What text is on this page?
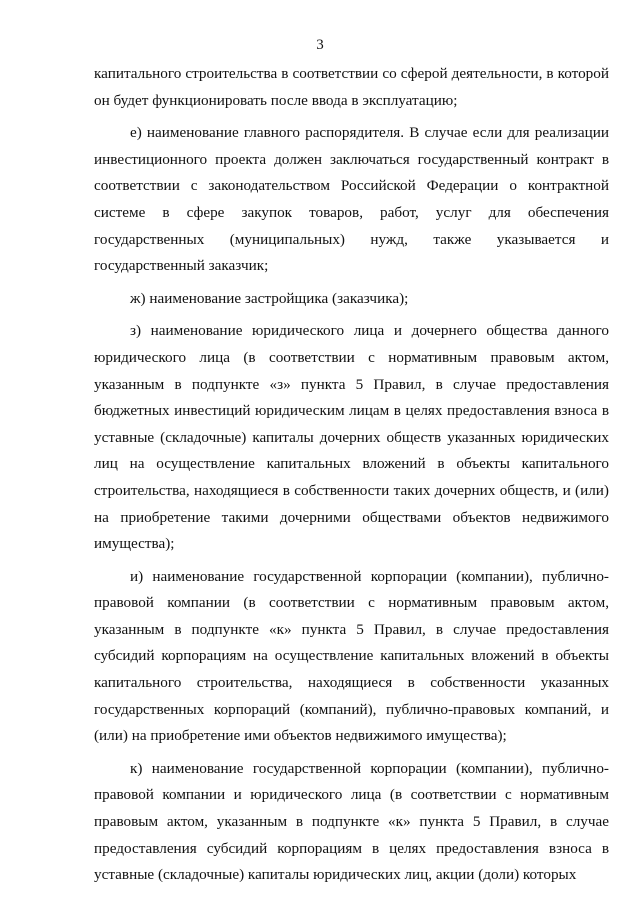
3

капитального строительства в соответствии со сферой деятельности, в которой он будет функционировать после ввода в эксплуатацию;

е) наименование главного распорядителя. В случае если для реализации инвестиционного проекта должен заключаться государственный контракт в соответствии с законодательством Российской Федерации о контрактной системе в сфере закупок товаров, работ, услуг для обеспечения государственных (муниципальных) нужд, также указывается и государственный заказчик;

ж) наименование застройщика (заказчика);

з) наименование юридического лица и дочернего общества данного юридического лица (в соответствии с нормативным правовым актом, указанным в подпункте «з» пункта 5 Правил, в случае предоставления бюджетных инвестиций юридическим лицам в целях предоставления взноса в уставные (складочные) капиталы дочерних обществ указанных юридических лиц на осуществление капитальных вложений в объекты капитального строительства, находящиеся в собственности таких дочерних обществ, и (или) на приобретение такими дочерними обществами объектов недвижимого имущества);

и) наименование государственной корпорации (компании), публично-правовой компании (в соответствии с нормативным правовым актом, указанным в подпункте «к» пункта 5 Правил, в случае предоставления субсидий корпорациям на осуществление капитальных вложений в объекты капитального строительства, находящиеся в собственности указанных государственных корпораций (компаний), публично-правовых компаний, и (или) на приобретение ими объектов недвижимого имущества);

к) наименование государственной корпорации (компании), публично-правовой компании и юридического лица (в соответствии с нормативным правовым актом, указанным в подпункте «к» пункта 5 Правил, в случае предоставления субсидий корпорациям в целях предоставления взноса в уставные (складочные) капиталы юридических лиц, акции (доли) которых
